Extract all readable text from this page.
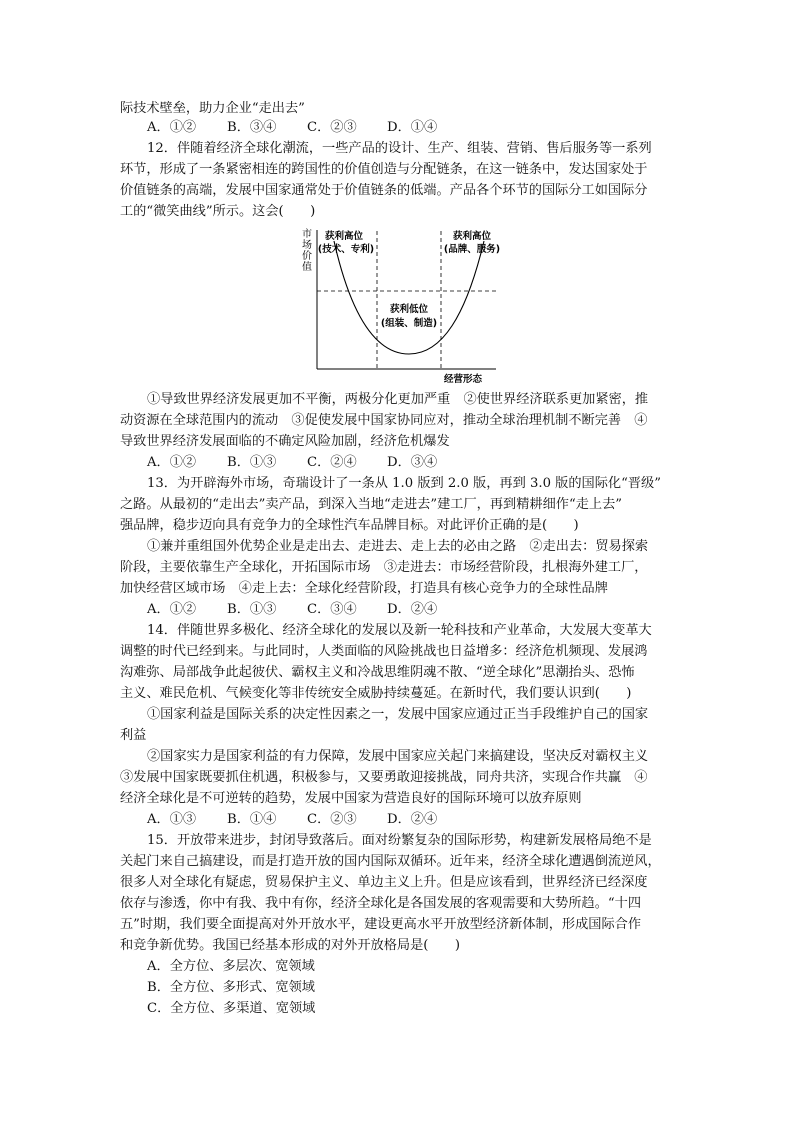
际技术壁垒，助力企业“走出去”
A．①②	B．③④	C．②③	D．①④
12．伴随着经济全球化潮流，一些产品的设计、生产、组装、营销、售后服务等一系列
环节，形成了一条紧密相连的跨国性的价值创造与分配链条，在这一链条中，发达国家处于
价值链条的高端，发展中国家通常处于价值链条的低端。产品各个环节的国际分工如国际分
工的“微笑曲线”所示。这会(　　)
市
场
价
值
获利高位
(技术、专利)
获利高位
(品牌、服务)
获利低位
(组装、制造)
经营形态
①导致世界经济发展更加不平衡，两极分化更加严重　②使世界经济联系更加紧密，推
动资源在全球范围内的流动　③促使发展中国家协同应对，推动全球治理机制不断完善　④
导致世界经济发展面临的不确定风险加剧，经济危机爆发
A．①②	B．①③	C．②④	D．③④
13．为开辟海外市场，奇瑞设计了一条从 1.0 版到 2.0 版，再到 3.0 版的国际化“晋级”
之路。从最初的“走出去”卖产品，到深入当地“走进去”建工厂，再到精耕细作“走上去”
强品牌，稳步迈向具有竞争力的全球性汽车品牌目标。对此评价正确的是(　　)
①兼并重组国外优势企业是走出去、走进去、走上去的必由之路　②走出去：贸易探索
阶段，主要依靠生产全球化，开拓国际市场　③走进去：市场经营阶段，扎根海外建工厂，
加快经营区域市场　④走上去：全球化经营阶段，打造具有核心竞争力的全球性品牌
A．①②	B．①③	C．③④	D．②④
14．伴随世界多极化、经济全球化的发展以及新一轮科技和产业革命，大发展大变革大
调整的时代已经到来。与此同时，人类面临的风险挑战也日益增多：经济危机频现、发展鸿
沟难弥、局部战争此起彼伏、霸权主义和冷战思维阴魂不散、“逆全球化”思潮抬头、恐怖
主义、难民危机、气候变化等非传统安全威胁持续蔓延。在新时代，我们要认识到(　　)
①国家利益是国际关系的决定性因素之一，发展中国家应通过正当手段维护自己的国家
利益
②国家实力是国家利益的有力保障，发展中国家应关起门来搞建设，坚决反对霸权主义
③发展中国家既要抓住机遇，积极参与，又要勇敢迎接挑战，同舟共济，实现合作共赢　④
经济全球化是不可逆转的趋势，发展中国家为营造良好的国际环境可以放弃原则
A．①③	B．①④	C．②③	D．②④
15．开放带来进步，封闭导致落后。面对纷繁复杂的国际形势，构建新发展格局绝不是
关起门来自己搞建设，而是打造开放的国内国际双循环。近年来，经济全球化遭遇倒流逆风，
很多人对全球化有疑虑，贸易保护主义、单边主义上升。但是应该看到，世界经济已经深度
依存与渗透，你中有我、我中有你，经济全球化是各国发展的客观需要和大势所趋。“十四
五”时期，我们要全面提高对外开放水平，建设更高水平开放型经济新体制，形成国际合作
和竞争新优势。我国已经基本形成的对外开放格局是(　　)
A．全方位、多层次、宽领域
B．全方位、多形式、宽领域
C．全方位、多渠道、宽领域
